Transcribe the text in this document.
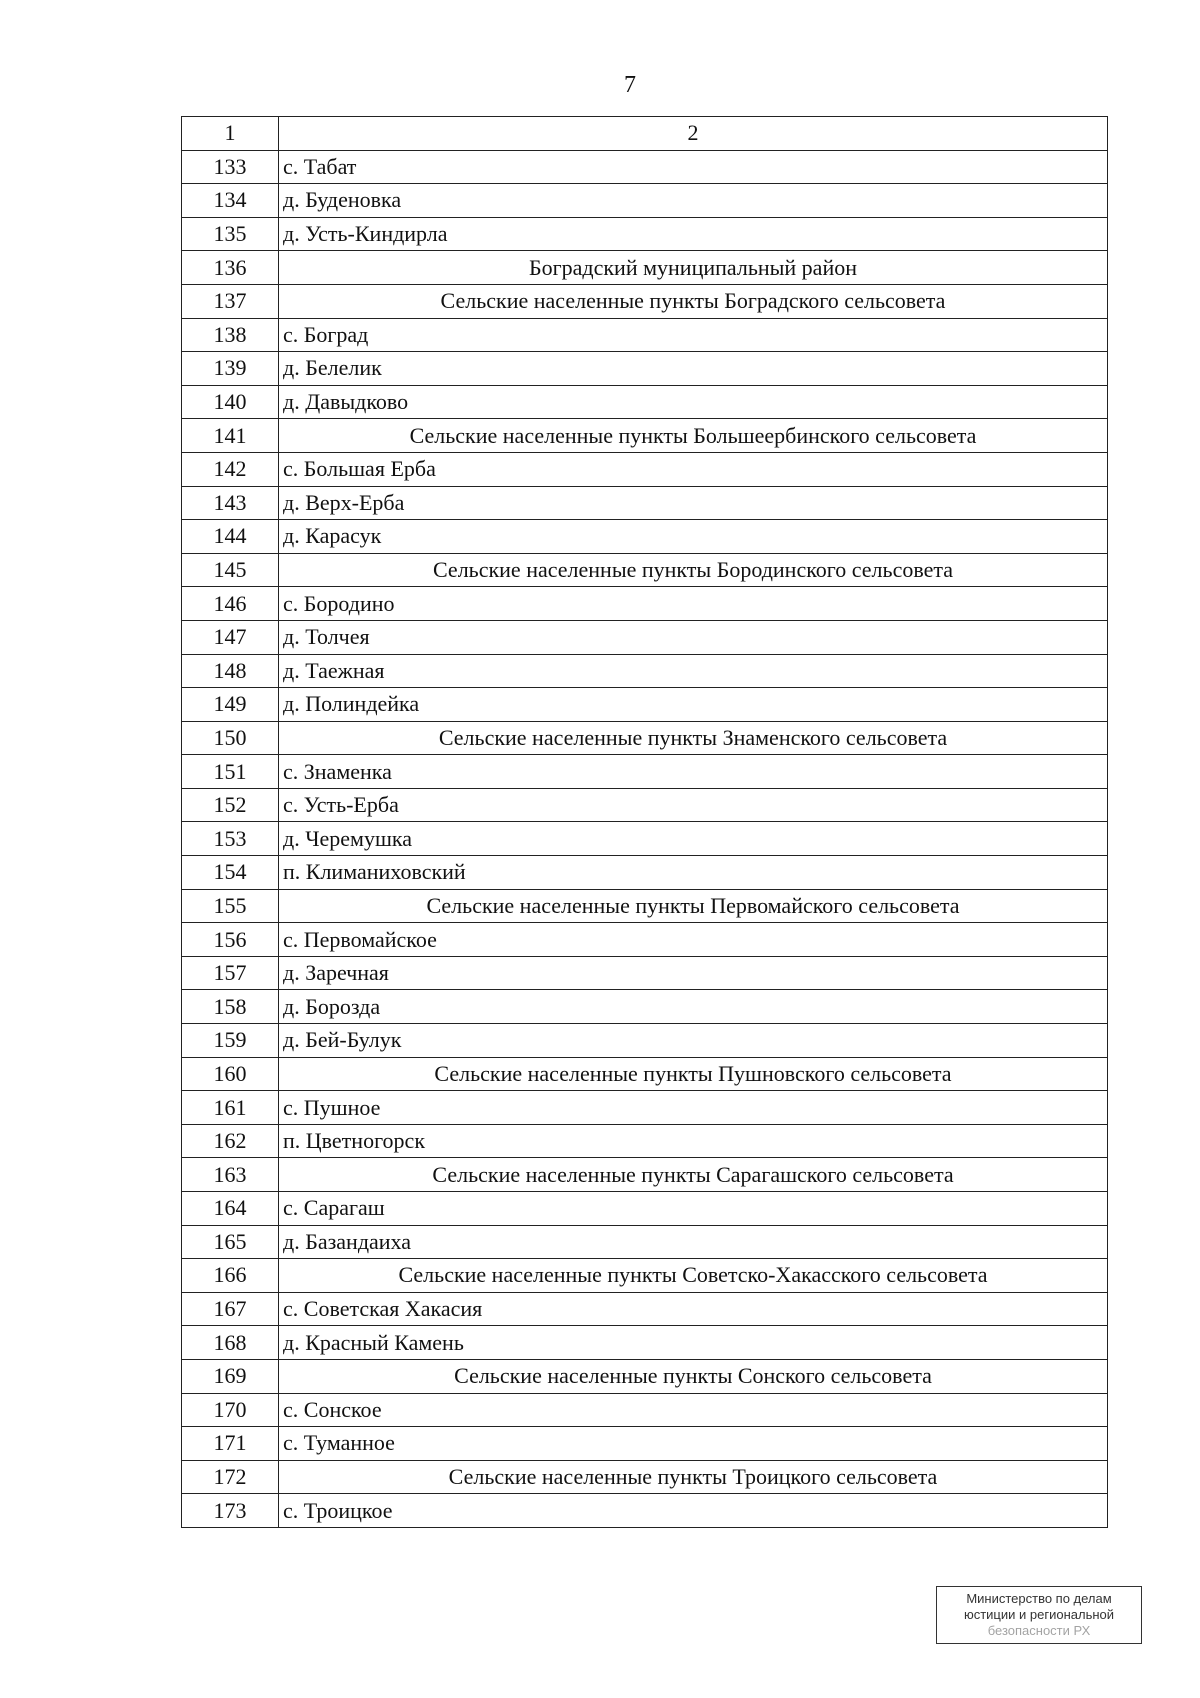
7
1	2
133	с. Табат
134	д. Буденовка
135	д. Усть-Киндирла
136	Боградский муниципальный район
137	Сельские населенные пункты Боградского сельсовета
138	с. Боград
139	д. Белелик
140	д. Давыдково
141	Сельские населенные пункты Большеербинского сельсовета
142	с. Большая Ерба
143	д. Верх-Ерба
144	д. Карасук
145	Сельские населенные пункты Бородинского сельсовета
146	с. Бородино
147	д. Толчея
148	д. Таежная
149	д. Полиндейка
150	Сельские населенные пункты Знаменского сельсовета
151	с. Знаменка
152	с. Усть-Ерба
153	д. Черемушка
154	п. Климаниховский
155	Сельские населенные пункты Первомайского сельсовета
156	с. Первомайское
157	д. Заречная
158	д. Борозда
159	д. Бей-Булук
160	Сельские населенные пункты Пушновского сельсовета
161	с. Пушное
162	п. Цветногорск
163	Сельские населенные пункты Сарагашского сельсовета
164	с. Сарагаш
165	д. Базандаиха
166	Сельские населенные пункты Советско-Хакасского сельсовета
167	с. Советская Хакасия
168	д. Красный Камень
169	Сельские населенные пункты Сонского сельсовета
170	с. Сонское
171	с. Туманное
172	Сельские населенные пункты Троицкого сельсовета
173	с. Троицкое
Министерство по делам
юстиции и региональной
безопасности РХ
